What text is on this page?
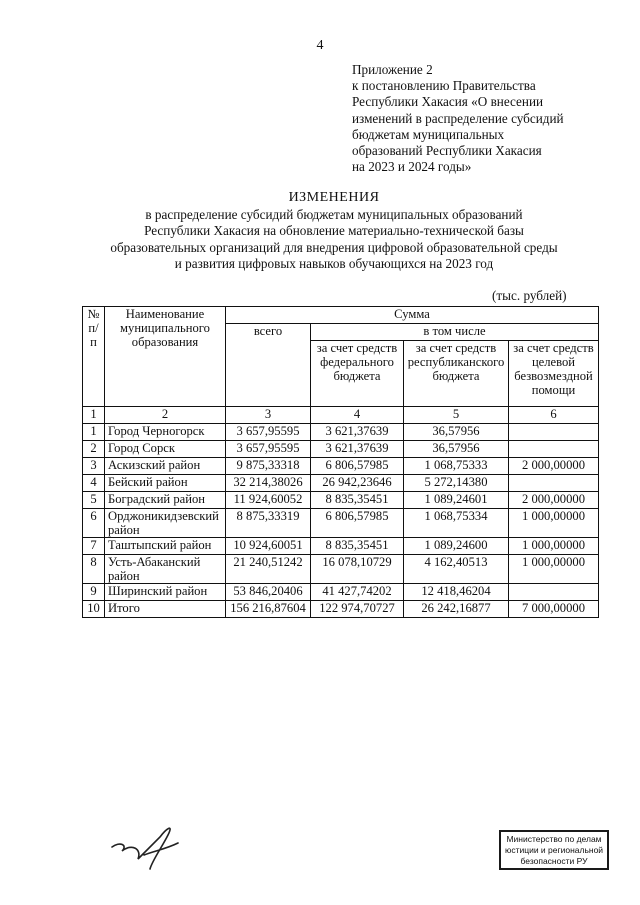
4
Приложение 2
к постановлению Правительства
Республики Хакасия «О внесении
изменений в распределение субсидий
бюджетам муниципальных
образований Республики Хакасия
на 2023 и 2024 годы»
ИЗМЕНЕНИЯ
в распределение субсидий бюджетам муниципальных образований
Республики Хакасия на обновление материально-технической базы
образовательных организаций для внедрения цифровой образовательной среды
и развития цифровых навыков обучающихся на 2023 год
(тыс. рублей)
№ п/п	Наименование муниципального образования	Сумма			
		всего	в том числе		
			за счет средств федерального бюджета	за счет средств республиканского бюджета	за счет средств целевой безвозмездной помощи
1	2	3	4	5	6
1	Город Черногорск	3 657,95595	3 621,37639	36,57956	
2	Город Сорск	3 657,95595	3 621,37639	36,57956	
3	Аскизский район	9 875,33318	6 806,57985	1 068,75333	2 000,00000
4	Бейский район	32 214,38026	26 942,23646	5 272,14380	
5	Боградский район	11 924,60052	8 835,35451	1 089,24601	2 000,00000
6	Орджоникидзевский район	8 875,33319	6 806,57985	1 068,75334	1 000,00000
7	Таштыпский район	10 924,60051	8 835,35451	1 089,24600	1 000,00000
8	Усть-Абаканский район	21 240,51242	16 078,10729	4 162,40513	1 000,00000
9	Ширинский район	53 846,20406	41 427,74202	12 418,46204	
10	Итого	156 216,87604	122 974,70727	26 242,16877	7 000,00000
Министерство по делам
юстиции и региональной
безопасности РУ
